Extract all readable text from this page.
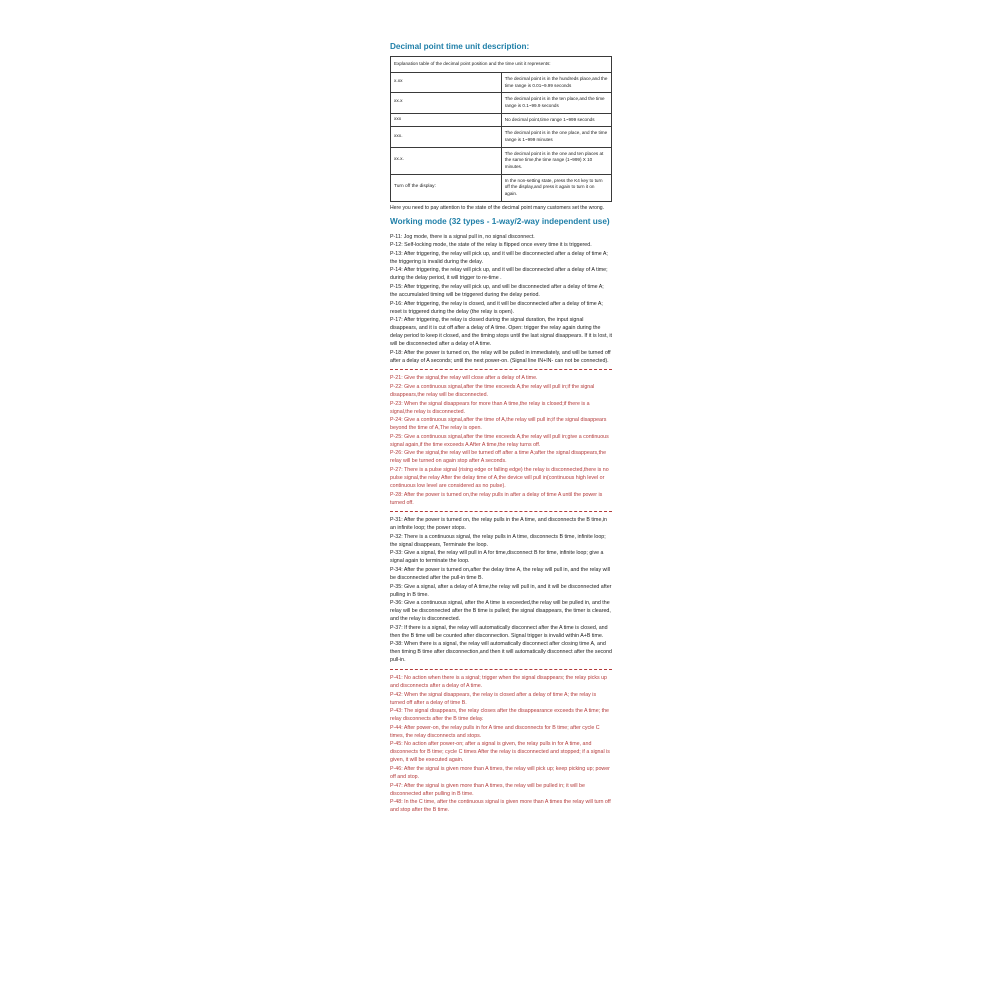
Decimal point time unit description:
Explanation table of the decimal point position and the time unit it represents:	
x.xx	The decimal point is in the hundreds place,and the time range is 0.01~9.99 seconds
xx.x	The decimal point is in the ten place,and the time range is 0.1~99.9 seconds
xxx	No decimal point,time range 1~999 seconds
xxx.	The decimal point is in the one place, and the time range is 1~999 minutes
xx.x.	The decimal point is in the one and ten places at the same time,the time range (1~999) X 10 minutes.
Turn off the display:	In the non-setting state, press the K4 key to turn off the display,and press it again to turn it on again.
Here you need to pay attention to the state of the decimal point many customers set the wrong.
Working mode (32 types - 1-way/2-way independent use)

P-11: Jog mode, there is a signal pull in, no signal disconnect.

P-12: Self-locking mode, the state of the relay is flipped once every time it is triggered.

P-13: After triggering, the relay will pick up, and it will be disconnected after a delay of time A; the triggering is invalid during the delay.

P-14: After triggering, the relay will pick up, and it will be disconnected after a delay of A time; during the delay period, it will trigger to re-time .

P-15: After triggering, the relay will pick up, and will be disconnected after a delay of time A; the accumulated timing will be triggered during the delay period.

P-16: After triggering, the relay is closed, and it will be disconnected after a delay of time A; reset is triggered during the delay (the relay is open).

P-17: After triggering, the relay is closed during the signal duration, the input signal disappears, and it is cut off after a delay of A time. Open: trigger the relay again during the delay period to keep it closed, and the timing stops until the last signal disappears. If it is lost, it will be disconnected after a delay of A time.

P-18: After the power is turned on, the relay will be pulled in immediately, and will be turned off after a delay of A seconds; until the next power-on. (Signal line IN+IN- can not be connected).

P-21: Give the signal,the relay will close after a delay of A time.

P-22: Give a continuous signal,after the time exceeds A,the relay will pull in;if the signal disappears,the relay will be disconnected.

P-23: When the signal disappears for more than A time,the relay is closed;if there is a signal,the relay is disconnected.

P-24: Give a continuous signal,after the time of A,the relay will pull in;if the signal disappears beyond the time of A,The relay is open.

P-25: Give a continuous signal,after the time exceeds A,the relay will pull in;give a continuous signal again,if the time exceeds A After A time,the relay turns off.

P-26: Give the signal,the relay will be turned off after a time A;after the signal disappears,the relay will be turned on again stop after A seconds.

P-27: There is a pulse signal (rising edge or falling edge) the relay is disconnected,there is no pulse signal,the relay After the delay time of A,the device will pull in(continuous high level or continuous low level are considered as no pulse).

P-28: After the power is turned on,the relay pulls in after a delay of time A until the power is turned off.

P-31: After the power is turned on, the relay pulls in the A time, and disconnects the B time,in an infinite loop; the power stops.

P-32: There is a continuous signal, the relay pulls in A time, disconnects B time, infinite loop; the signal disappears, Terminate the loop.

P-33: Give a signal, the relay will pull in A for time,disconnect B for time, infinite loop; give a signal again to terminate the loop.

P-34: After the power is turned on,after the delay time A, the relay will pull in, and the relay will be disconnected after the pull-in time B.

P-35: Give a signal, after a delay of A time,the relay will pull in, and it will be disconnected after pulling in B time.

P-36: Give a continuous signal, after the A time is exceeded,the relay will be pulled in, and the relay will be disconnected after the B time is pulled; the signal disappears, the timer is cleared, and the relay is disconnected.

P-37: If there is a signal, the relay will automatically disconnect after the A time is closed, and then the B time will be counted after disconnection. Signal trigger is invalid within A+B time.

P-38: When there is a signal, the relay will automatically disconnect after closing time A, and then timing B time after disconnection,and then it will automatically disconnect after the second pull-in.

P-41: No action when there is a signal; trigger when the signal disappears; the relay picks up and disconnects after a delay of A time.

P-42: When the signal disappears, the relay is closed after a delay of time A; the relay is turned off after a delay of time B.

P-43: The signal disappears, the relay closes after the disappearance exceeds the A time; the relay disconnects after the B time delay.

P-44: After power-on, the relay pulls in for A time and disconnects for B time; after cycle C times, the relay disconnects and stops.

P-45: No action after power-on; after a signal is given, the relay pulls in for A time, and disconnects for B time; cycle C times After the relay is disconnected and stopped; if a signal is given, it will be executed again.

P-46: After the signal is given more than A times, the relay will pick up; keep picking up; power off and stop.

P-47: After the signal is given more than A times, the relay will be pulled in; it will be disconnected after pulling in B time.

P-48: In the C time, after the continuous signal is given more than A times the relay will turn off and stop after the B time.
